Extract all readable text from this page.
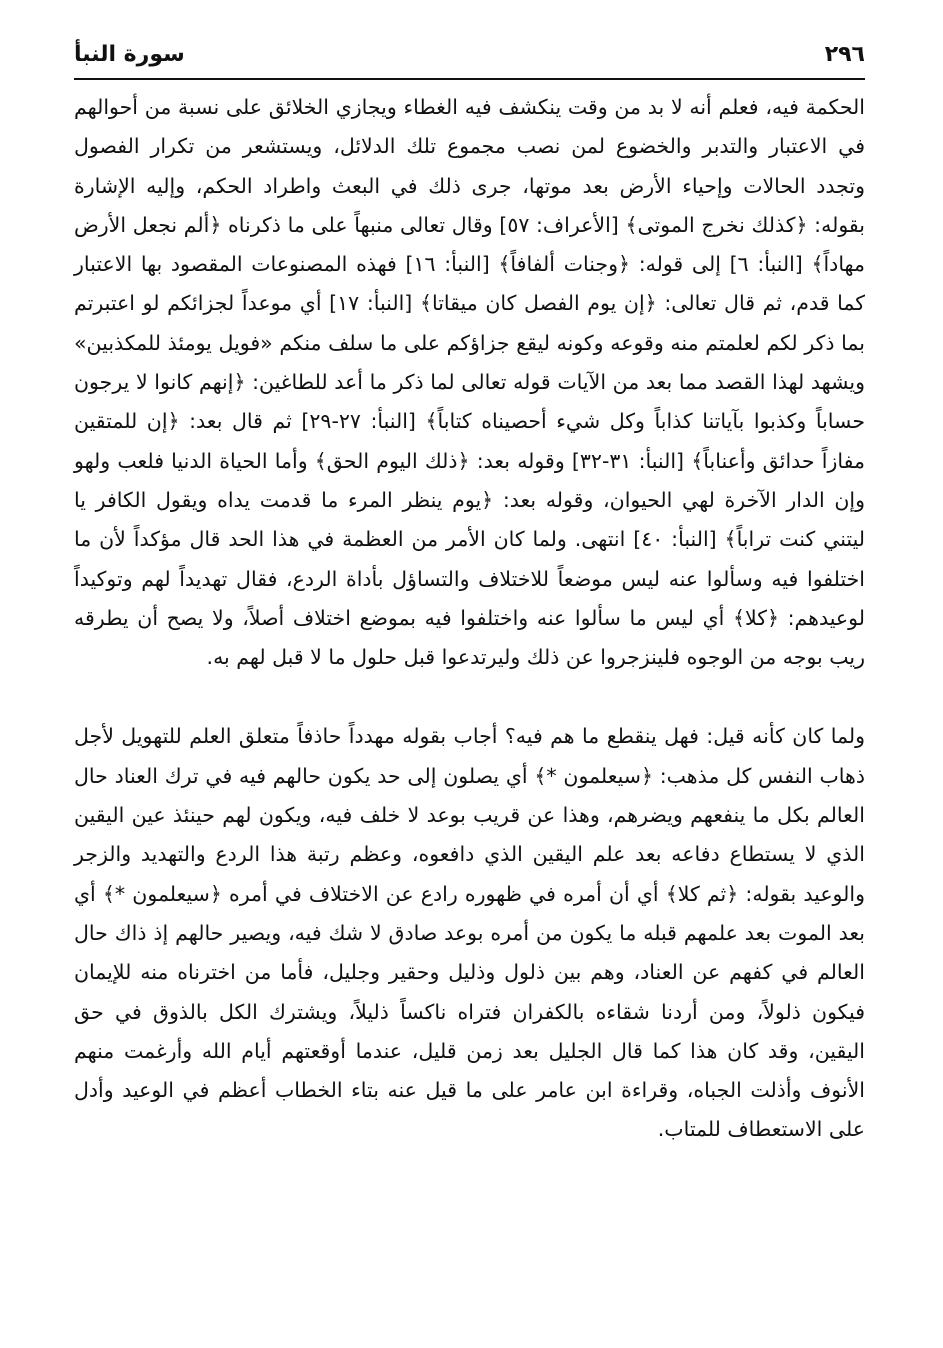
٢٩٦
سورة النبأ

الحكمة فيه، فعلم أنه لا بد من وقت ينكشف فيه الغطاء ويجازي الخلائق على نسبة من أحوالهم في الاعتبار والتدبر والخضوع لمن نصب مجموع تلك الدلائل، ويستشعر من تكرار الفصول وتجدد الحالات وإحياء الأرض بعد موتها، جرى ذلك في البعث واطراد الحكم، وإليه الإشارة بقوله: ﴿كذلك نخرج الموتى﴾ [الأعراف: ٥٧] وقال تعالى منبهاً على ما ذكرناه ﴿ألم نجعل الأرض مهاداً﴾ [النبأ: ٦] إلى قوله: ﴿وجنات ألفافاً﴾ [النبأ: ١٦] فهذه المصنوعات المقصود بها الاعتبار كما قدم، ثم قال تعالى: ﴿إن يوم الفصل كان ميقاتا﴾ [النبأ: ١٧] أي موعداً لجزائكم لو اعتبرتم بما ذكر لكم لعلمتم منه وقوعه وكونه ليقع جزاؤكم على ما سلف منكم «فويل يومئذ للمكذبين» ويشهد لهذا القصد مما بعد من الآيات قوله تعالى لما ذكر ما أعد للطاغين: ﴿إنهم كانوا لا يرجون حساباً وكذبوا بآياتنا كذاباً وكل شيء أحصيناه كتاباً﴾ [النبأ: ٢٧-٢٩] ثم قال بعد: ﴿إن للمتقين مفازاً حدائق وأعناباً﴾ [النبأ: ٣١-٣٢] وقوله بعد: ﴿ذلك اليوم الحق﴾ وأما الحياة الدنيا فلعب ولهو وإن الدار الآخرة لهي الحيوان، وقوله بعد: ﴿يوم ينظر المرء ما قدمت يداه ويقول الكافر يا ليتني كنت تراباً﴾ [النبأ: ٤٠] انتهى. ولما كان الأمر من العظمة في هذا الحد قال مؤكداً لأن ما اختلفوا فيه وسألوا عنه ليس موضعاً للاختلاف والتساؤل بأداة الردع، فقال تهديداً لهم وتوكيداً لوعيدهم: ﴿كلا﴾ أي ليس ما سألوا عنه واختلفوا فيه بموضع اختلاف أصلاً، ولا يصح أن يطرقه ريب بوجه من الوجوه فلينزجروا عن ذلك وليرتدعوا قبل حلول ما لا قبل لهم به.

ولما كان كأنه قيل: فهل ينقطع ما هم فيه؟ أجاب بقوله مهدداً حاذفاً متعلق العلم للتهويل لأجل ذهاب النفس كل مذهب: ﴿سيعلمون *﴾ أي يصلون إلى حد يكون حالهم فيه في ترك العناد حال العالم بكل ما ينفعهم ويضرهم، وهذا عن قريب بوعد لا خلف فيه، ويكون لهم حينئذ عين اليقين الذي لا يستطاع دفاعه بعد علم اليقين الذي دافعوه، وعظم رتبة هذا الردع والتهديد والزجر والوعيد بقوله: ﴿ثم كلا﴾ أي أن أمره في ظهوره رادع عن الاختلاف في أمره ﴿سيعلمون *﴾ أي بعد الموت بعد علمهم قبله ما يكون من أمره بوعد صادق لا شك فيه، ويصير حالهم إذ ذاك حال العالم في كفهم عن العناد، وهم بين ذلول وذليل وحقير وجليل، فأما من اخترناه منه للإيمان فيكون ذلولاً، ومن أردنا شقاءه بالكفران فتراه ناكساً ذليلاً، ويشترك الكل بالذوق في حق اليقين، وقد كان هذا كما قال الجليل بعد زمن قليل، عندما أوقعتهم أيام الله وأرغمت منهم الأنوف وأذلت الجباه، وقراءة ابن عامر على ما قيل عنه بتاء الخطاب أعظم في الوعيد وأدل على الاستعطاف للمتاب.
